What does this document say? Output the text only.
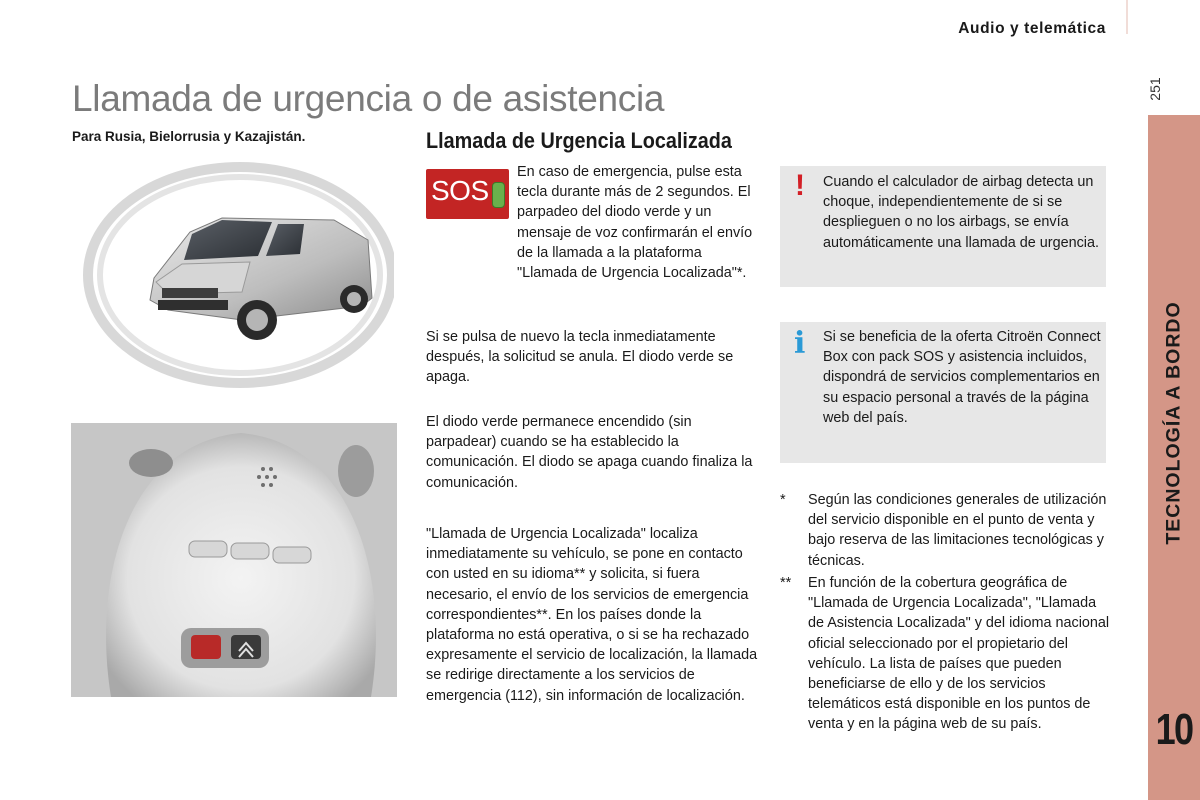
Audio y telemática
251
TECNOLOGÍA A BORDO
10
Llamada de urgencia o de asistencia
Para Rusia, Bielorrusia y Kazajistán.	Llamada de Urgencia Localizada
SOS
En caso de emergencia, pulse esta tecla durante más de 2 segundos. El parpadeo del diodo verde y un mensaje de voz confirmarán el envío de la llamada a la plataforma "Llamada de Urgencia Localizada"*.
Si se pulsa de nuevo la tecla inmediatamente después, la solicitud se anula. El diodo verde se apaga.
El diodo verde permanece encendido (sin parpadear) cuando se ha establecido la comunicación. El diodo se apaga cuando finaliza la comunicación.
"Llamada de Urgencia Localizada" localiza inmediatamente su vehículo, se pone en contacto con usted en su idioma** y solicita, si fuera necesario, el envío de los servicios de emergencia correspondientes**. En los países donde la plataforma no está operativa, o si se ha rechazado expresamente el servicio de localización, la llamada se redirige directamente a los servicios de emergencia (112), sin información de localización.
! Cuando el calculador de airbag detecta un choque, independientemente de si se desplieguen o no los airbags, se envía automáticamente una llamada de urgencia.
i Si se beneficia de la oferta Citroën Connect Box con pack SOS y asistencia incluidos, dispondrá de servicios complementarios en su espacio personal a través de la página web del país.
* Según las condiciones generales de utilización del servicio disponible en el punto de venta y bajo reserva de las limitaciones tecnológicas y técnicas.
** En función de la cobertura geográfica de "Llamada de Urgencia Localizada", "Llamada de Asistencia Localizada" y del idioma nacional oficial seleccionado por el propietario del vehículo. La lista de países que pueden beneficiarse de ello y de los servicios telemáticos está disponible en los puntos de venta y en la página web de su país.
